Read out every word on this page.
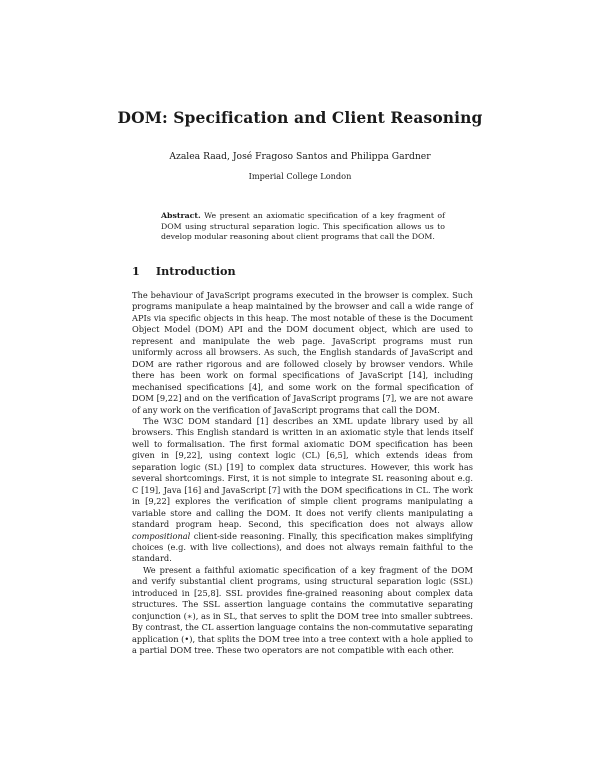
DOM: Specification and Client Reasoning
Azalea Raad, José Fragoso Santos and Philippa Gardner
Imperial College London
Abstract. We present an axiomatic specification of a key fragment of DOM using structural separation logic. This specification allows us to develop modular reasoning about client programs that call the DOM.
1 Introduction

The behaviour of JavaScript programs executed in the browser is complex. Such programs manipulate a heap maintained by the browser and call a wide range of APIs via specific objects in this heap. The most notable of these is the Document Object Model (DOM) API and the DOM document object, which are used to represent and manipulate the web page. JavaScript programs must run uniformly across all browsers. As such, the English standards of JavaScript and DOM are rather rigorous and are followed closely by browser vendors. While there has been work on formal specifications of JavaScript [14], including mechanised specifications [4], and some work on the formal specification of DOM [9,22] and on the verification of JavaScript programs [7], we are not aware of any work on the verification of JavaScript programs that call the DOM.

The W3C DOM standard [1] describes an XML update library used by all browsers. This English standard is written in an axiomatic style that lends itself well to formalisation. The first formal axiomatic DOM specification has been given in [9,22], using context logic (CL) [6,5], which extends ideas from separation logic (SL) [19] to complex data structures. However, this work has several shortcomings. First, it is not simple to integrate SL reasoning about e.g. C [19], Java [16] and JavaScript [7] with the DOM specifications in CL. The work in [9,22] explores the verification of simple client programs manipulating a variable store and calling the DOM. It does not verify clients manipulating a standard program heap. Second, this specification does not always allow compositional client-side reasoning. Finally, this specification makes simplifying choices (e.g. with live collections), and does not always remain faithful to the standard.

We present a faithful axiomatic specification of a key fragment of the DOM and verify substantial client programs, using structural separation logic (SSL) introduced in [25,8]. SSL provides fine-grained reasoning about complex data structures. The SSL assertion language contains the commutative separating conjunction (∗), as in SL, that serves to split the DOM tree into smaller subtrees. By contrast, the CL assertion language contains the non-commutative separating application (•), that splits the DOM tree into a tree context with a hole applied to a partial DOM tree. These two operators are not compatible with each other.
